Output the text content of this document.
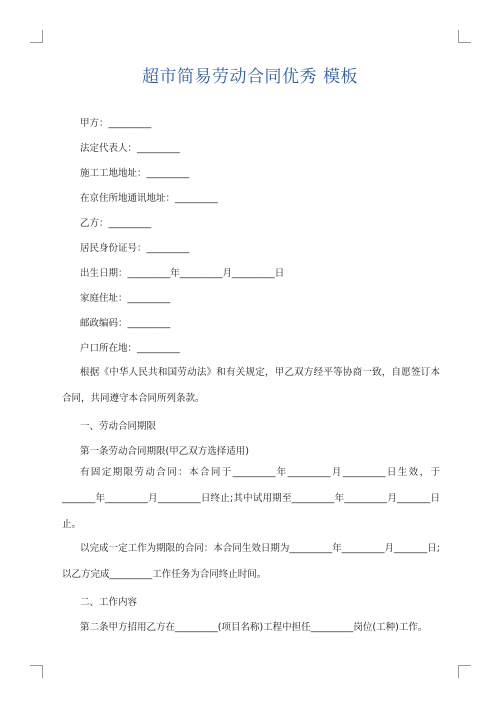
超市简易劳动合同优秀 模板
甲方：_________
法定代表人：_________
施工工地地址：_________
在京住所地通讯地址：_________
乙方：_________
居民身份证号：_________
出生日期：_________年_________月_________日
家庭住址：_________
邮政编码：_________
户口所在地：_________

根据《中华人民共和国劳动法》和有关规定，甲乙双方经平等协商一致，自愿签订本合同，共同遵守本合同所列条款。

一、劳动合同期限
第一条劳动合同期限(甲乙双方选择适用)

有固定期限劳动合同：本合同于_________年_________月_________日生效，于_______年_________月_________日终止;其中试用期至_________年_________月_______日止。

以完成一定工作为期限的合同：本合同生效日期为_________年_________月_______日;以乙方完成_________工作任务为合同终止时间。

二、工作内容
第二条甲方招用乙方在_________(项目名称)工程中担任_________岗位(工种)工作。
